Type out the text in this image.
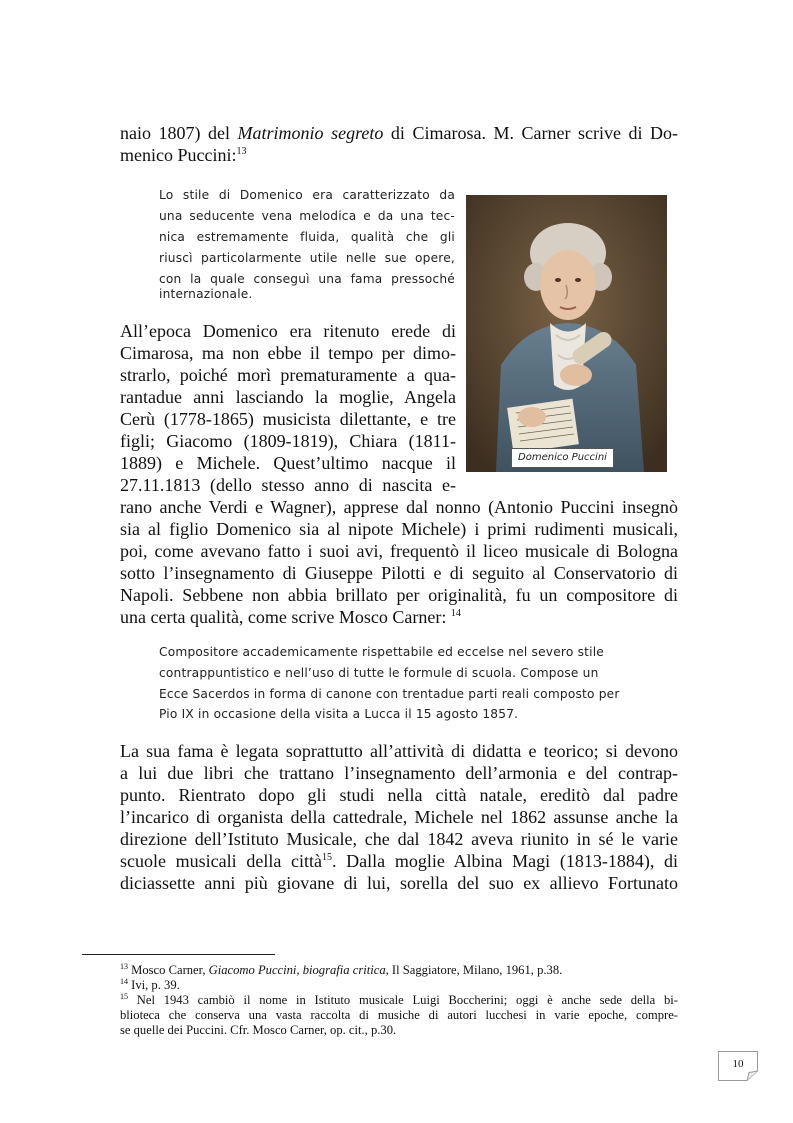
naio 1807) del Matrimonio segreto di Cimarosa. M. Carner scrive di Do-
menico Puccini:$^{13}$
Lo stile di Domenico era caratterizzato da
una seducente vena melodica e da una tec-
nica estremamente fluida, qualità che gli
riuscì particolarmente utile nelle sue opere,
con la quale conseguì una fama pressoché
internazionale.
Domenico Puccini
All’epoca Domenico era ritenuto erede di
Cimarosa, ma non ebbe il tempo per dimo-
strarlo, poiché morì prematuramente a qua-
rantadue anni lasciando la moglie, Angela
Cerù (1778-1865) musicista dilettante, e tre
figli; Giacomo (1809-1819), Chiara (1811-
1889) e Michele. Quest’ultimo nacque il
27.11.1813 (dello stesso anno di nascita e-
rano anche Verdi e Wagner), apprese dal nonno (Antonio Puccini insegnò
sia al figlio Domenico sia al nipote Michele) i primi rudimenti musicali,
poi, come avevano fatto i suoi avi, frequentò il liceo musicale di Bologna
sotto l’insegnamento di Giuseppe Pilotti e di seguito al Conservatorio di
Napoli. Sebbene non abbia brillato per originalità, fu un compositore di
una certa qualità, come scrive Mosco Carner: $^{14}$
Compositore accademicamente rispettabile ed eccelse nel severo stile
contrappuntistico e nell’uso di tutte le formule di scuola. Compose un
Ecce Sacerdos in forma di canone con trentadue parti reali composto per
Pio IX in occasione della visita a Lucca il 15 agosto 1857.
La sua fama è legata soprattutto all’attività di didatta e teorico; si devono
a lui due libri che trattano l’insegnamento dell’armonia e del contrap-
punto. Rientrato dopo gli studi nella città natale, ereditò dal padre
l’incarico di organista della cattedrale, Michele nel 1862 assunse anche la
direzione dell’Istituto Musicale, che dal 1842 aveva riunito in sé le varie
scuole musicali della città$^{15}$. Dalla moglie Albina Magi (1813-1884), di
diciassette anni più giovane di lui, sorella del suo ex allievo Fortunato
$^{13}$ Mosco Carner, Giacomo Puccini, biografia critica, Il Saggiatore, Milano, 1961, p.38.
$^{14}$ Ivi, p. 39.
$^{15}$ Nel 1943 cambiò il nome in Istituto musicale Luigi Boccherini; oggi è anche sede della bi-
blioteca che conserva una vasta raccolta di musiche di autori lucchesi in varie epoche, compre-
se quelle dei Puccini. Cfr. Mosco Carner, op. cit., p.30.
10
